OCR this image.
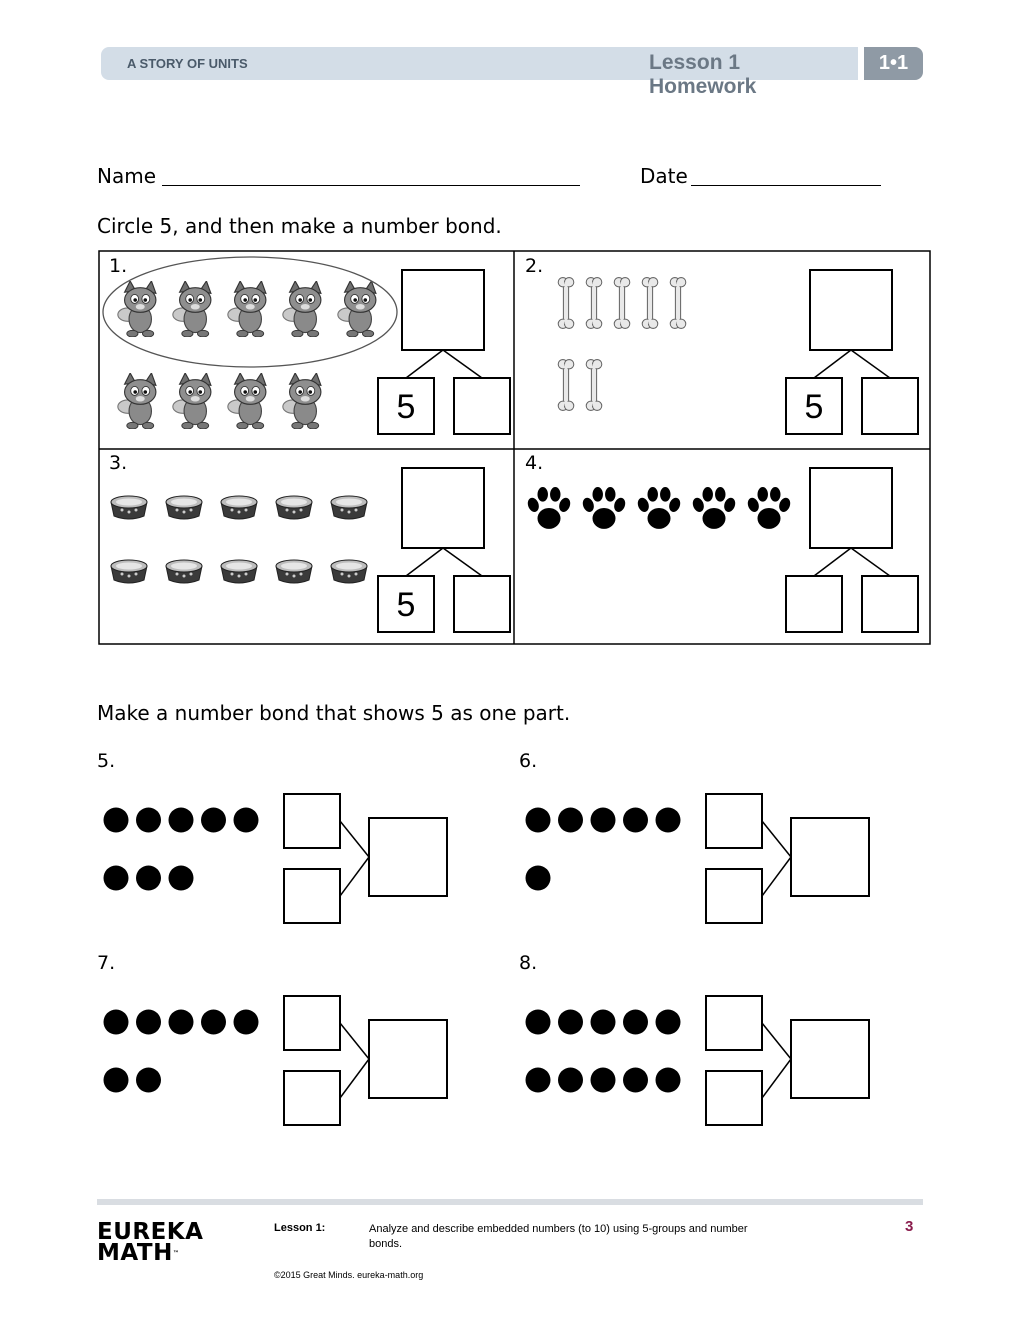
A STORY OF UNITS	Lesson 1 Homework
1•1
Name	Date
Circle 5, and then make a number bond.
1.	2.
3.	4.
Make a number bond that shows 5 as one part.
5.	6.
7.	8.
5	5
5
EUREKA
MATH™
Lesson 1:	Analyze and describe embedded numbers (to 10) using 5-groups and number bonds.
3
©2015 Great Minds. eureka-math.org
